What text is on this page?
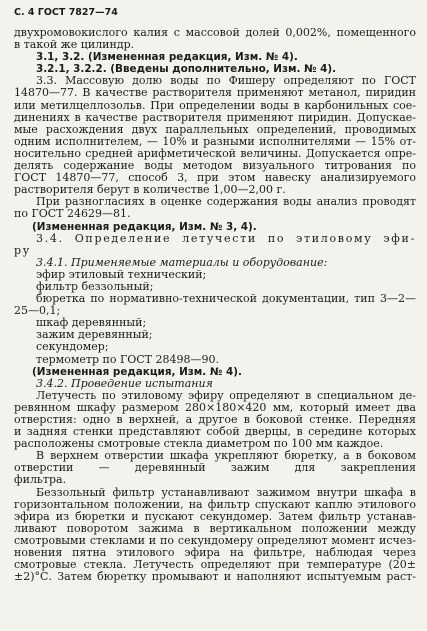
С. 4 ГОСТ 7827—74
двухромовокислого калия с массовой долей 0,002%, помещенного
в такой же цилиндр.
3.1, 3.2. (Измененная редакция, Изм. № 4).
3.2.1, 3.2.2. (Введены дополнительно, Изм. № 4).
3.3. Массовую долю воды по Фишеру определяют по ГОСТ
14870—77. В качестве растворителя применяют метанол, пиридин
или метилцеллозольв. При определении воды в карбонильных сое-
динениях в качестве растворителя применяют пиридин. Допускае-
мые расхождения двух параллельных определений, проводимых
одним исполнителем, — 10% и разными исполнителями — 15% от-
носительно средней арифметической величины. Допускается опре-
делять содержание воды методом визуального титрования по
ГОСТ 14870—77, способ 3, при этом навеску анализируемого
растворителя берут в количестве 1,00—2,00 г.
При разногласиях в оценке содержания воды анализ проводят
по ГОСТ 24629—81.
(Измененная редакция, Изм. № 3, 4).
3.4. Определение летучести по этиловому эфи-
ру
3.4.1. Применяемые материалы и оборудование:
эфир этиловый технический;
фильтр беззольный;
бюретка по нормативно-технической документации, тип 3—2—
25—0,1;
шкаф деревянный;
зажим деревянный;
секундомер;
термометр по ГОСТ 28498—90.
(Измененная редакция, Изм. № 4).
3.4.2. Проведение испытания
Летучесть по этиловому эфиру определяют в специальном де-
ревянном шкафу размером 280×180×420 мм, который имеет два
отверстия: одно в верхней, а другое в боковой стенке. Передняя
и задняя стенки представляют собой дверцы, в середине которых
расположены смотровые стекла диаметром по 100 мм каждое.
В верхнем отверстии шкафа укрепляют бюретку, а в боковом
отверстии — деревянный зажим для закрепления
фильтра.
Беззольный фильтр устанавливают зажимом внутри шкафа в
горизонтальном положении, на фильтр спускают каплю этилового
эфира из бюретки и пускают секундомер. Затем фильтр устанав-
ливают поворотом зажима в вертикальном положении между
смотровыми стеклами и по секундомеру определяют момент исчез-
новения пятна этилового эфира на фильтре, наблюдая через
смотровые стекла. Летучесть определяют при температуре (20±
±2)°С. Затем бюретку промывают и наполняют испытуемым раст-
